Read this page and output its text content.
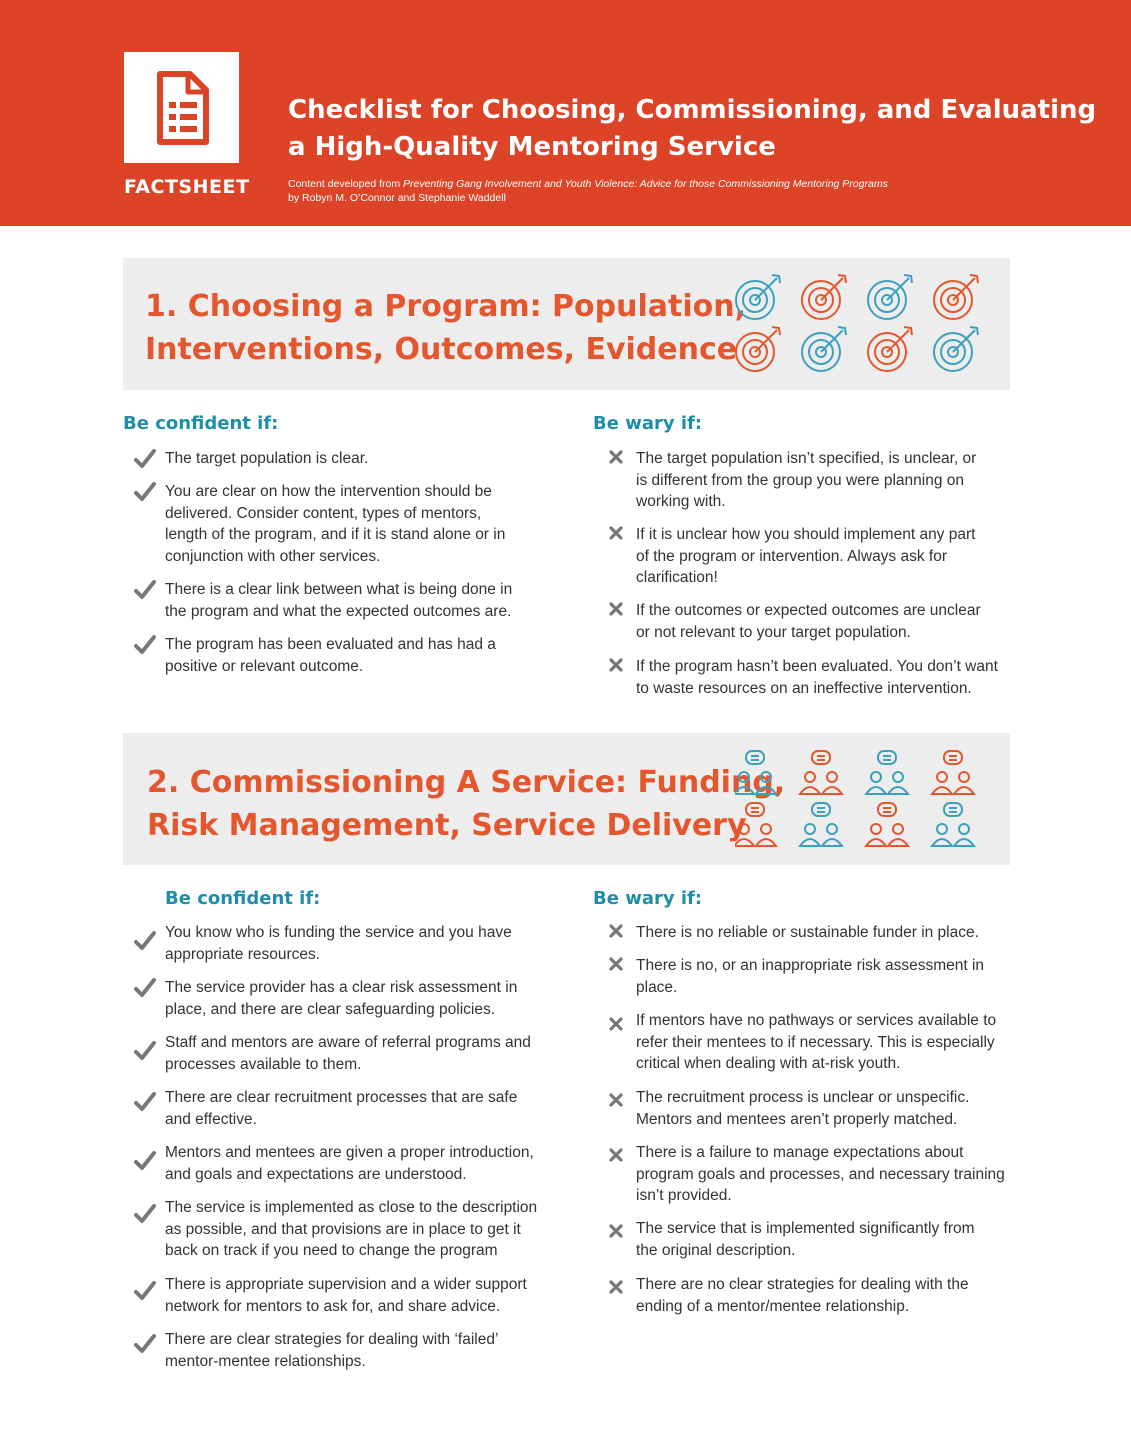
FACTSHEET
Checklist for Choosing, Commissioning, and Evaluating
a High-Quality Mentoring Service
Content developed from Preventing Gang Involvement and Youth Violence: Advice for those Commissioning Mentoring Programs
by Robyn M. O’Connor and Stephanie Waddell
1. Choosing a Program: Population,
Interventions, Outcomes, Evidence
Be confident if:	Be wary if:
The target population is clear.
You are clear on how the intervention should be
delivered. Consider content, types of mentors,
length of the program, and if it is stand alone or in
conjunction with other services.
There is a clear link between what is being done in
the program and what the expected outcomes are.
The program has been evaluated and has had a
positive or relevant outcome.
The target population isn’t specified, is unclear, or
is different from the group you were planning on
working with.
If it is unclear how you should implement any part
of the program or intervention. Always ask for
clarification!
If the outcomes or expected outcomes are unclear
or not relevant to your target population.
If the program hasn’t been evaluated. You don’t want
to waste resources on an ineffective intervention.
2. Commissioning A Service: Funding,
Risk Management, Service Delivery
Be confident if:	Be wary if:
You know who is funding the service and you have
appropriate resources.
The service provider has a clear risk assessment in
place, and there are clear safeguarding policies.
Staff and mentors are aware of referral programs and
processes available to them.
There are clear recruitment processes that are safe
and effective.
Mentors and mentees are given a proper introduction,
and goals and expectations are understood.
The service is implemented as close to the description
as possible, and that provisions are in place to get it
back on track if you need to change the program
There is appropriate supervision and a wider support
network for mentors to ask for, and share advice.
There are clear strategies for dealing with ‘failed’
mentor-mentee relationships.
There is no reliable or sustainable funder in place.
There is no, or an inappropriate risk assessment in
place.
If mentors have no pathways or services available to
refer their mentees to if necessary. This is especially
critical when dealing with at-risk youth.
The recruitment process is unclear or unspecific.
Mentors and mentees aren’t properly matched.
There is a failure to manage expectations about
program goals and processes, and necessary training
isn’t provided.
The service that is implemented significantly from
the original description.
There are no clear strategies for dealing with the
ending of a mentor/mentee relationship.
